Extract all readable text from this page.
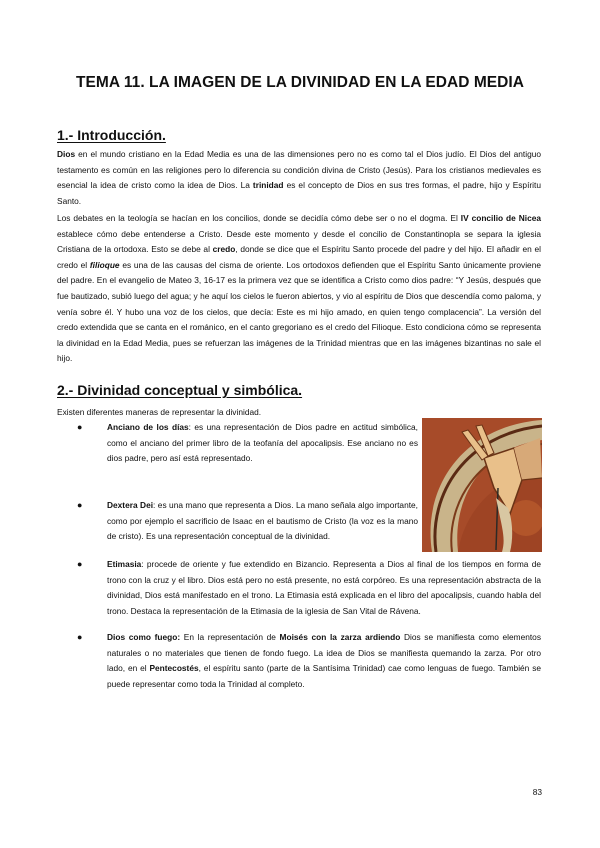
TEMA 11. LA IMAGEN DE LA DIVINIDAD EN LA EDAD MEDIA
1.- Introducción.

Dios en el mundo cristiano en la Edad Media es una de las dimensiones pero no es como tal el Dios judío. El Dios del antiguo testamento es común en las religiones pero lo diferencia su condición divina de Cristo (Jesús). Para los cristianos medievales es esencial la idea de cristo como la idea de Dios. La trinidad es el concepto de Dios en sus tres formas, el padre, hijo y Espíritu Santo.

Los debates en la teología se hacían en los concilios, donde se decidía cómo debe ser o no el dogma. El IV concilio de Nicea establece cómo debe entenderse a Cristo. Desde este momento y desde el concilio de Constantinopla se separa la iglesia Cristiana de la ortodoxa. Esto se debe al credo, donde se dice que el Espíritu Santo procede del padre y del hijo. El añadir en el credo el filioque es una de las causas del cisma de oriente. Los ortodoxos defienden que el Espíritu Santo únicamente proviene del padre. En el evangelio de Mateo 3, 16-17 es la primera vez que se identifica a Cristo como dios padre: “Y Jesús, después que fue bautizado, subió luego del agua; y he aquí los cielos le fueron abiertos, y vio al espíritu de Dios que descendía como paloma, y venía sobre él. Y hubo una voz de los cielos, que decía: Este es mi hijo amado, en quien tengo complacencia”. La versión del credo extendida que se canta en el románico, en el canto gregoriano es el credo del Filioque. Esto condiciona cómo se representa la divinidad en la Edad Media, pues se refuerzan las imágenes de la Trinidad mientras que en las imágenes bizantinas no sale el hijo.

2.- Divinidad conceptual y simbólica.
Existen diferentes maneras de representar la divinidad.
●	Anciano de los días: es una representación de Dios padre en actitud simbólica, como el anciano del primer libro de la teofanía del apocalipsis. Ese anciano no es dios padre, pero así está representado.
●	Dextera Dei: es una mano que representa a Dios. La mano señala algo importante, como por ejemplo el sacrificio de Isaac en el bautismo de Cristo (la voz es la mano de cristo). Es una representación conceptual de la divinidad.
●	Etimasia: procede de oriente y fue extendido en Bizancio. Representa a Dios al final de los tiempos en forma de trono con la cruz y el libro. Dios está pero no está presente, no está corpóreo. Es una representación abstracta de la divinidad, Dios está manifestado en el trono. La Etimasia está explicada en el libro del apocalipsis, cuando habla del trono. Destaca la representación de la Etimasia de la iglesia de San Vital de Rávena.
●	Dios como fuego: En la representación de Moisés con la zarza ardiendo Dios se manifiesta como elementos naturales o no materiales que tienen de fondo fuego. La idea de Dios se manifiesta quemando la zarza. Por otro lado, en el Pentecostés, el espíritu santo (parte de la Santísima Trinidad) cae como lenguas de fuego. También se puede representar como toda la Trinidad al completo.
83
